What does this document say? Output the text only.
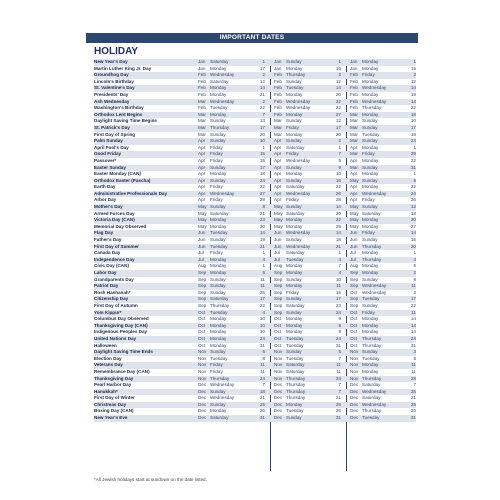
IMPORTANT DATES
HOLIDAY
New Year's Day	Jan Saturday	1 Jan Sunday	1 Jan Monday	1
Martin Luther King Jr. Day	Jan Monday	17 Jan Monday	16 Jan Monday	15
Groundhog Day	Feb Wednesday	2 Feb Thursday	2 Feb Friday	2
Lincoln's Birthday	Feb Saturday	12 Feb Sunday	12 Feb Monday	12
St. Valentine's Day	Feb Monday	14 Feb Tuesday	14 Feb Wednesday	14
Presidents' Day	Feb Monday	21 Feb Monday	20 Feb Monday	19
Ash Wednesday	Mar Wednesday	2 Feb Wednesday	22 Feb Wednesday	14
Washington's Birthday	Feb Tuesday	22 Feb Wednesday	22 Feb Thursday	22
Orthodox Lent Begins	Mar Monday	7 Feb Monday	27 Mar Monday	18
Daylight Saving Time Begins	Mar Sunday	13 Mar Sunday	12 Mar Sunday	10
St. Patrick's Day	Mar Thursday	17 Mar Friday	17 Mar Sunday	17
First Day of Spring	Mar Sunday	20 Mar Monday	20 Mar Tuesday	19
Palm Sunday	Apr Sunday	10 Apr Sunday	2 Mar Sunday	24
April Fool's Day	Apr Friday	1 Apr Saturday	1 Apr Monday	1
Good Friday	Apr Friday	15 Apr Friday	7 Mar Friday	29
Passover*	Apr Friday	15 Apr Wednesday	5 Apr Monday	22
Easter Sunday	Apr Sunday	17 Apr Sunday	9 Mar Sunday	31
Easter Monday (CAN)	Apr Monday	18 Apr Monday	10 Apr Monday	1
Orthodox Easter (Pascha)	Apr Sunday	24 Apr Sunday	16 May Sunday	5
Earth Day	Apr Friday	22 Apr Saturday	22 Apr Monday	22
Administrative Professionals Day	Apr Wednesday	27 Apr Wednesday	26 Apr Wednesday	24
Arbor Day	Apr Friday	29 Apr Friday	28 Apr Friday	26
Mother's Day	May Sunday	8 May Sunday	14 May Sunday	12
Armed Forces Day	May Saturday	21 May Saturday	20 May Saturday	18
Victoria Day (CAN)	May Monday	23 May Monday	22 May Monday	20
Memorial Day Observed	May Monday	30 May Monday	29 May Monday	27
Flag Day	Jun Tuesday	14 Jun Wednesday	14 Jun Friday	14
Father's Day	Jun Sunday	19 Jun Sunday	18 Jun Sunday	16
First Day of Summer	Jun Tuesday	21 Jun Wednesday	21 Jun Thursday	20
Canada Day	Jul Friday	1 Jul Saturday	1 Jul Monday	1
Independence Day	Jul Monday	4 Jul Tuesday	4 Jul Thursday	4
Civic Day (CAN)	Aug Monday	1 Aug Monday	7 Aug Monday	5
Labor Day	Sep Monday	5 Sep Monday	4 Sep Monday	2
Grandparents Day	Sep Sunday	11 Sep Sunday	10 Sep Sunday	8
Patriot Day	Sep Sunday	11 Sep Monday	11 Sep Wednesday	11
Rosh Hashanah*	Sep Sunday	25 Sep Friday	15 Oct Wednesday	2
Citizenship Day	Sep Saturday	17 Sep Sunday	17 Sep Tuesday	17
First Day of Autumn	Sep Thursday	22 Sep Saturday	23 Sep Sunday	22
Yom Kippur*	Oct Tuesday	4 Sep Sunday	24 Oct Friday	11
Columbus Day Observed	Oct Monday	10 Oct Monday	9 Oct Monday	14
Thanksgiving Day (CAN)	Oct Monday	10 Oct Monday	9 Oct Monday	14
Indigenous Peoples Day	Oct Monday	10 Oct Monday	9 Oct Monday	14
United Nations Day	Oct Monday	24 Oct Tuesday	24 Oct Thursday	24
Halloween	Oct Monday	31 Oct Tuesday	31 Oct Thursday	31
Daylight Saving Time Ends	Nov Sunday	6 Nov Sunday	5 Nov Sunday	3
Election Day	Nov Tuesday	8 Nov Tuesday	7 Nov Tuesday	5
Veterans Day	Nov Friday	11 Nov Saturday	11 Nov Monday	11
Remembrance Day (CAN)	Nov Friday	11 Nov Saturday	11 Nov Monday	11
Thanksgiving Day	Nov Thursday	24 Nov Thursday	23 Nov Thursday	28
Pearl Harbor Day	Dec Wednesday	7 Dec Thursday	7 Dec Saturday	7
Hanukkah*	Dec Sunday	18 Dec Thursday	7 Dec Wednesday	25
First Day of Winter	Dec Wednesday	21 Dec Thursday	21 Dec Saturday	21
Christmas Day	Dec Sunday	25 Dec Monday	25 Dec Wednesday	25
Boxing Day (CAN)	Dec Monday	26 Dec Tuesday	26 Dec Thursday	26
New Year's Eve	Dec Saturday	31 Dec Sunday	31 Dec Tuesday	31
*All Jewish holidays start at sundown on the date listed.
